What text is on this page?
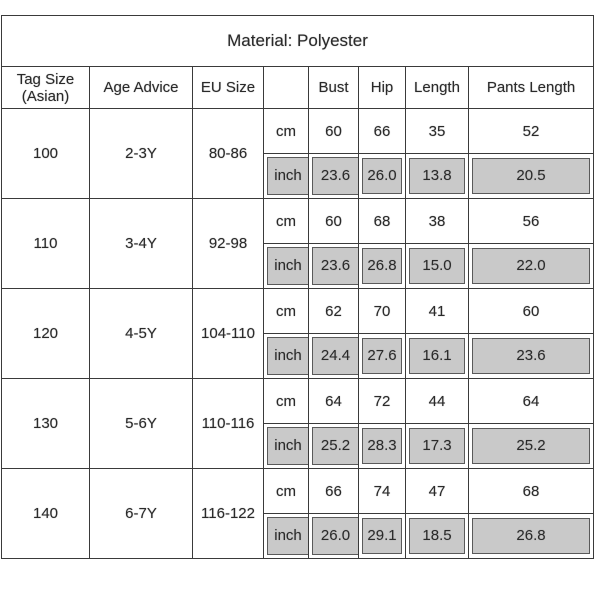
Material: Polyester							
Tag Size
(Asian)	Age Advice	EU Size		Bust	Hip	Length	Pants Length
100	2-3Y	80-86	cm	60	66	35	52

			inch	23.6	26.0	13.8	20.5

110	3-4Y	92-98	cm	60	68	38	56

			inch	23.6	26.8	15.0	22.0

120	4-5Y	104-110	cm	62	70	41	60

			inch	24.4	27.6	16.1	23.6

130	5-6Y	110-116	cm	64	72	44	64

			inch	25.2	28.3	17.3	25.2

140	6-7Y	116-122	cm	66	74	47	68

			inch	26.0	29.1	18.5	26.8
